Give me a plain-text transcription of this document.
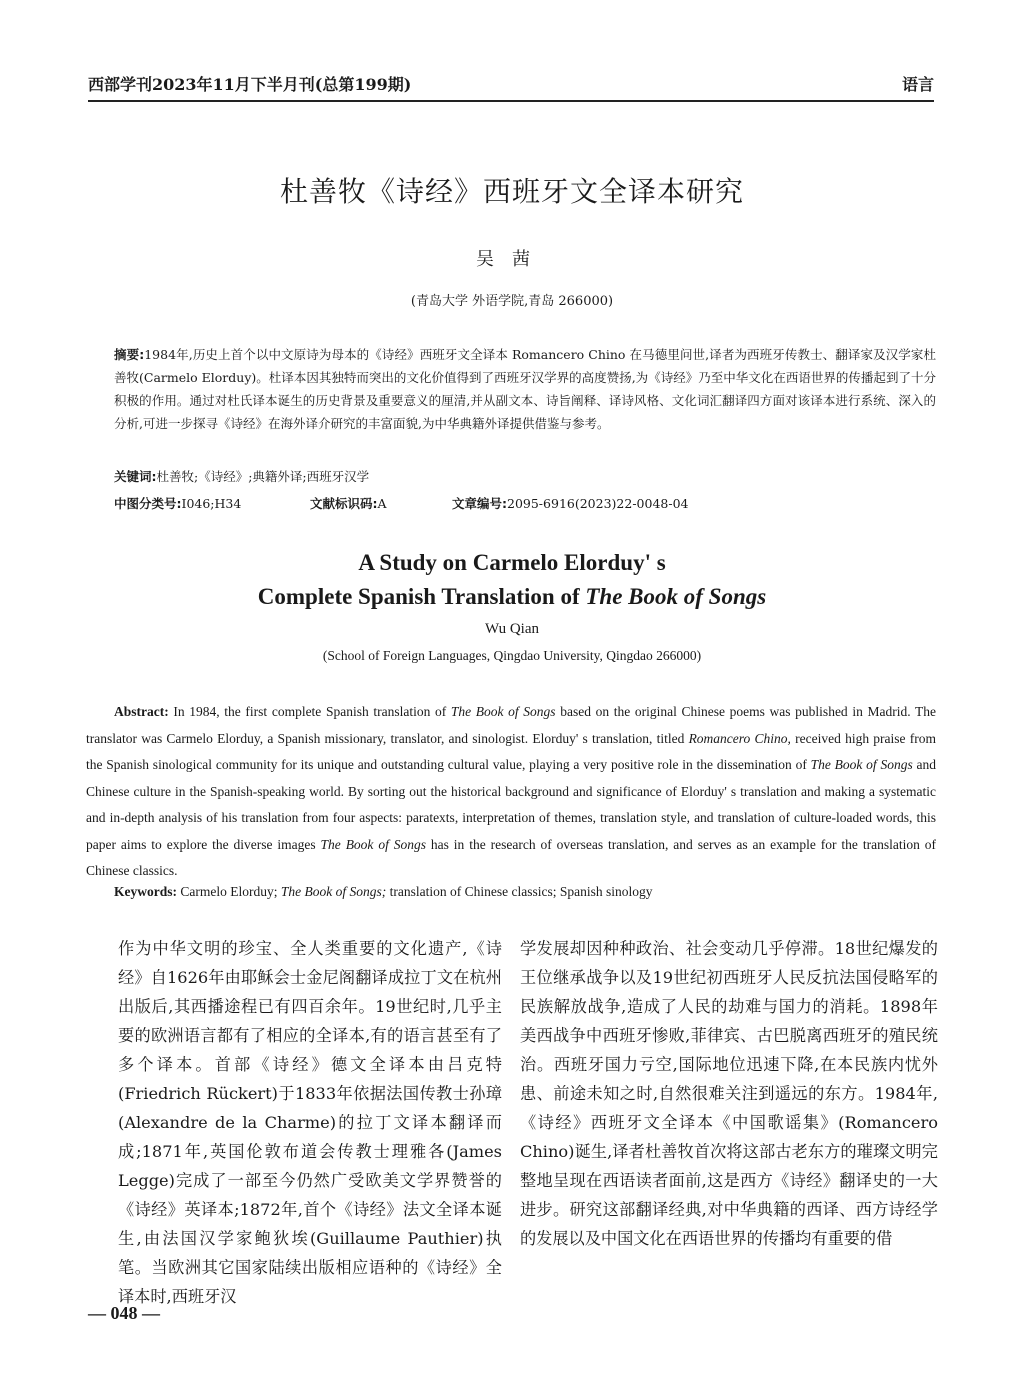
西部学刊2023年11月下半月刊(总第199期)	语言
杜善牧《诗经》西班牙文全译本研究
吴茜
(青岛大学 外语学院,青岛 266000)
摘要:1984年,历史上首个以中文原诗为母本的《诗经》西班牙文全译本 Romancero Chino 在马德里问世,译者为西班牙传教士、翻译家及汉学家杜善牧(Carmelo Elorduy)。杜译本因其独特而突出的文化价值得到了西班牙汉学界的高度赞扬,为《诗经》乃至中华文化在西语世界的传播起到了十分积极的作用。通过对杜氏译本诞生的历史背景及重要意义的厘清,并从副文本、诗旨阐释、译诗风格、文化词汇翻译四方面对该译本进行系统、深入的分析,可进一步探寻《诗经》在海外译介研究的丰富面貌,为中华典籍外译提供借鉴与参考。
关键词:杜善牧;《诗经》;典籍外译;西班牙汉学
中图分类号:I046;H34	文献标识码:A	文章编号:2095-6916(2023)22-0048-04
A Study on Carmelo Elorduy' s
Complete Spanish Translation of The Book of Songs
Wu Qian
(School of Foreign Languages, Qingdao University, Qingdao 266000)
Abstract: In 1984, the first complete Spanish translation of The Book of Songs based on the original Chinese poems was published in Madrid. The translator was Carmelo Elorduy, a Spanish missionary, translator, and sinologist. Elorduy' s translation, titled Romancero Chino, received high praise from the Spanish sinological community for its unique and outstanding cultural value, playing a very positive role in the dissemination of The Book of Songs and Chinese culture in the Spanish-speaking world. By sorting out the historical background and significance of Elorduy' s translation and making a systematic and in-depth analysis of his translation from four aspects: paratexts, interpretation of themes, translation style, and translation of culture-loaded words, this paper aims to explore the diverse images The Book of Songs has in the research of overseas translation, and serves as an example for the translation of Chinese classics.
Keywords: Carmelo Elorduy; The Book of Songs; translation of Chinese classics; Spanish sinology
作为中华文明的珍宝、全人类重要的文化遗产,《诗经》自1626年由耶稣会士金尼阁翻译成拉丁文在杭州出版后,其西播途程已有四百余年。19世纪时,几乎主要的欧洲语言都有了相应的全译本,有的语言甚至有了多个译本。首部《诗经》德文全译本由吕克特(Friedrich Rückert)于1833年依据法国传教士孙璋(Alexandre de la Charme)的拉丁文译本翻译而成;1871年,英国伦敦布道会传教士理雅各(James Legge)完成了一部至今仍然广受欧美文学界赞誉的《诗经》英译本;1872年,首个《诗经》法文全译本诞生,由法国汉学家鲍狄埃(Guillaume Pauthier)执笔。当欧洲其它国家陆续出版相应语种的《诗经》全译本时,西班牙汉
学发展却因种种政治、社会变动几乎停滞。18世纪爆发的王位继承战争以及19世纪初西班牙人民反抗法国侵略军的民族解放战争,造成了人民的劫难与国力的消耗。1898年美西战争中西班牙惨败,菲律宾、古巴脱离西班牙的殖民统治。西班牙国力亏空,国际地位迅速下降,在本民族内忧外患、前途未知之时,自然很难关注到遥远的东方。1984年,《诗经》西班牙文全译本《中国歌谣集》(Romancero Chino)诞生,译者杜善牧首次将这部古老东方的璀璨文明完整地呈现在西语读者面前,这是西方《诗经》翻译史的一大进步。研究这部翻译经典,对中华典籍的西译、西方诗经学的发展以及中国文化在西语世界的传播均有重要的借
— 048 —
